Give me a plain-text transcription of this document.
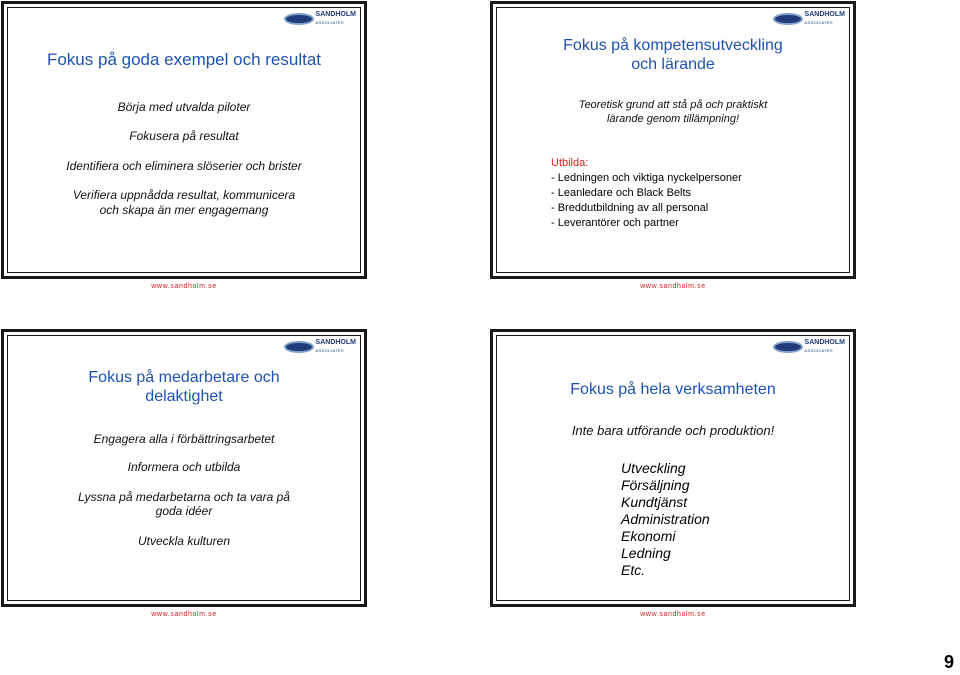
SANDHOLM
ASSOCIATES
Fokus på goda exempel och resultat
Börja med utvalda piloter
Fokusera på resultat
Identifiera och eliminera slöserier och brister
Verifiera uppnådda resultat, kommunicera
och skapa än mer engagemang
www.sandholm.se
SANDHOLM
ASSOCIATES
Fokus på kompetensutveckling
och lärande
Teoretisk grund att stå på och praktiskt
lärande genom tillämpning!
Utbilda:
- Ledningen och viktiga nyckelpersoner
- Leanledare och Black Belts
- Breddutbildning av all personal
- Leverantörer och partner
www.sandholm.se
SANDHOLM
ASSOCIATES
Fokus på medarbetare och
delaktighet
Engagera alla i förbättringsarbetet
Informera och utbilda
Lyssna på medarbetarna och ta vara på
goda idéer
Utveckla kulturen
www.sandholm.se
SANDHOLM
ASSOCIATES
Fokus på hela verksamheten
Inte bara utförande och produktion!
Utveckling
Försäljning
Kundtjänst
Administration
Ekonomi
Ledning
Etc.
www.sandholm.se
9
